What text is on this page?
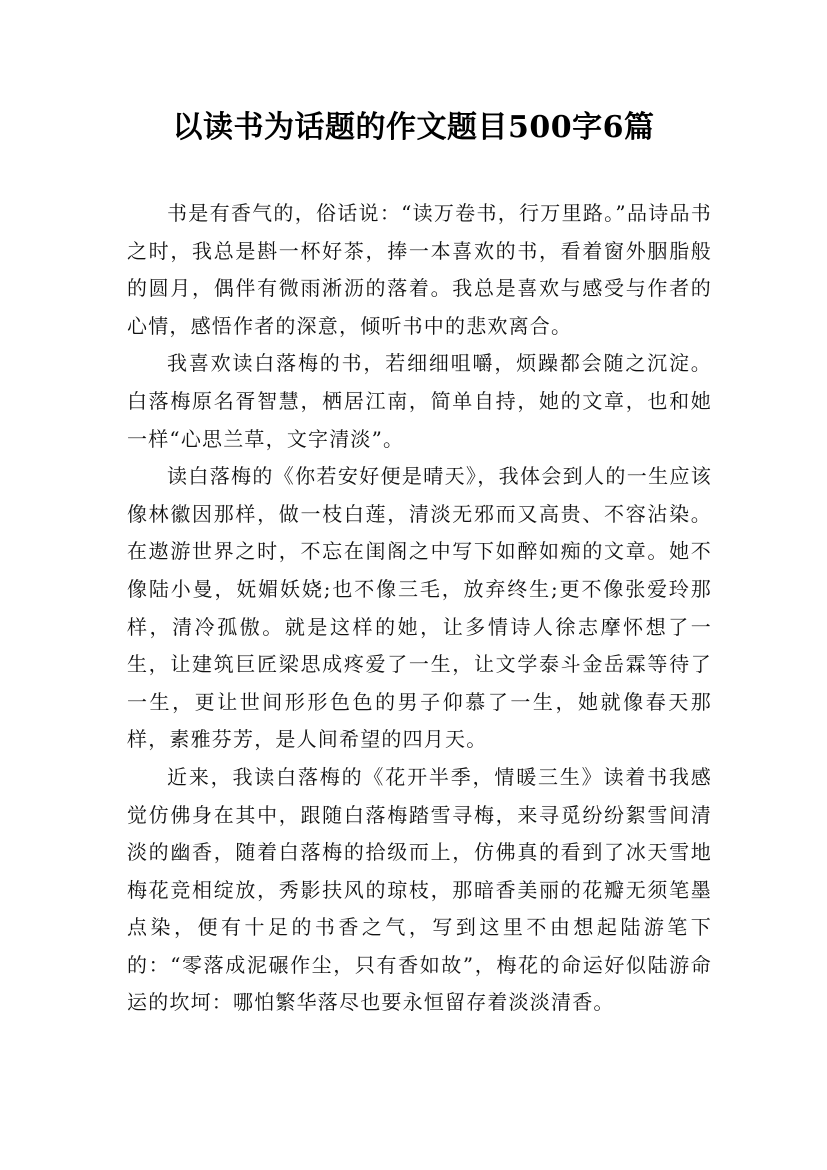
以读书为话题的作文题目500字6篇

书是有香气的，俗话说：“读万卷书，行万里路。”品诗品书之时，我总是斟一杯好茶，捧一本喜欢的书，看着窗外胭脂般的圆月，偶伴有微雨淅沥的落着。我总是喜欢与感受与作者的心情，感悟作者的深意，倾听书中的悲欢离合。

我喜欢读白落梅的书，若细细咀嚼，烦躁都会随之沉淀。白落梅原名胥智慧，栖居江南，简单自持，她的文章，也和她一样“心思兰草，文字清淡”。

读白落梅的《你若安好便是晴天》，我体会到人的一生应该像林徽因那样，做一枝白莲，清淡无邪而又高贵、不容沾染。在遨游世界之时，不忘在闺阁之中写下如醉如痴的文章。她不像陆小曼，妩媚妖娆;也不像三毛，放弃终生;更不像张爱玲那样，清冷孤傲。就是这样的她，让多情诗人徐志摩怀想了一生，让建筑巨匠梁思成疼爱了一生，让文学泰斗金岳霖等待了一生，更让世间形形色色的男子仰慕了一生，她就像春天那样，素雅芬芳，是人间希望的四月天。

近来，我读白落梅的《花开半季，情暖三生》读着书我感觉仿佛身在其中，跟随白落梅踏雪寻梅，来寻觅纷纷絮雪间清淡的幽香，随着白落梅的拾级而上，仿佛真的看到了冰天雪地梅花竞相绽放，秀影扶风的琼枝，那暗香美丽的花瓣无须笔墨点染，便有十足的书香之气，写到这里不由想起陆游笔下的：“零落成泥碾作尘，只有香如故”，梅花的命运好似陆游命运的坎坷：哪怕繁华落尽也要永恒留存着淡淡清香。
